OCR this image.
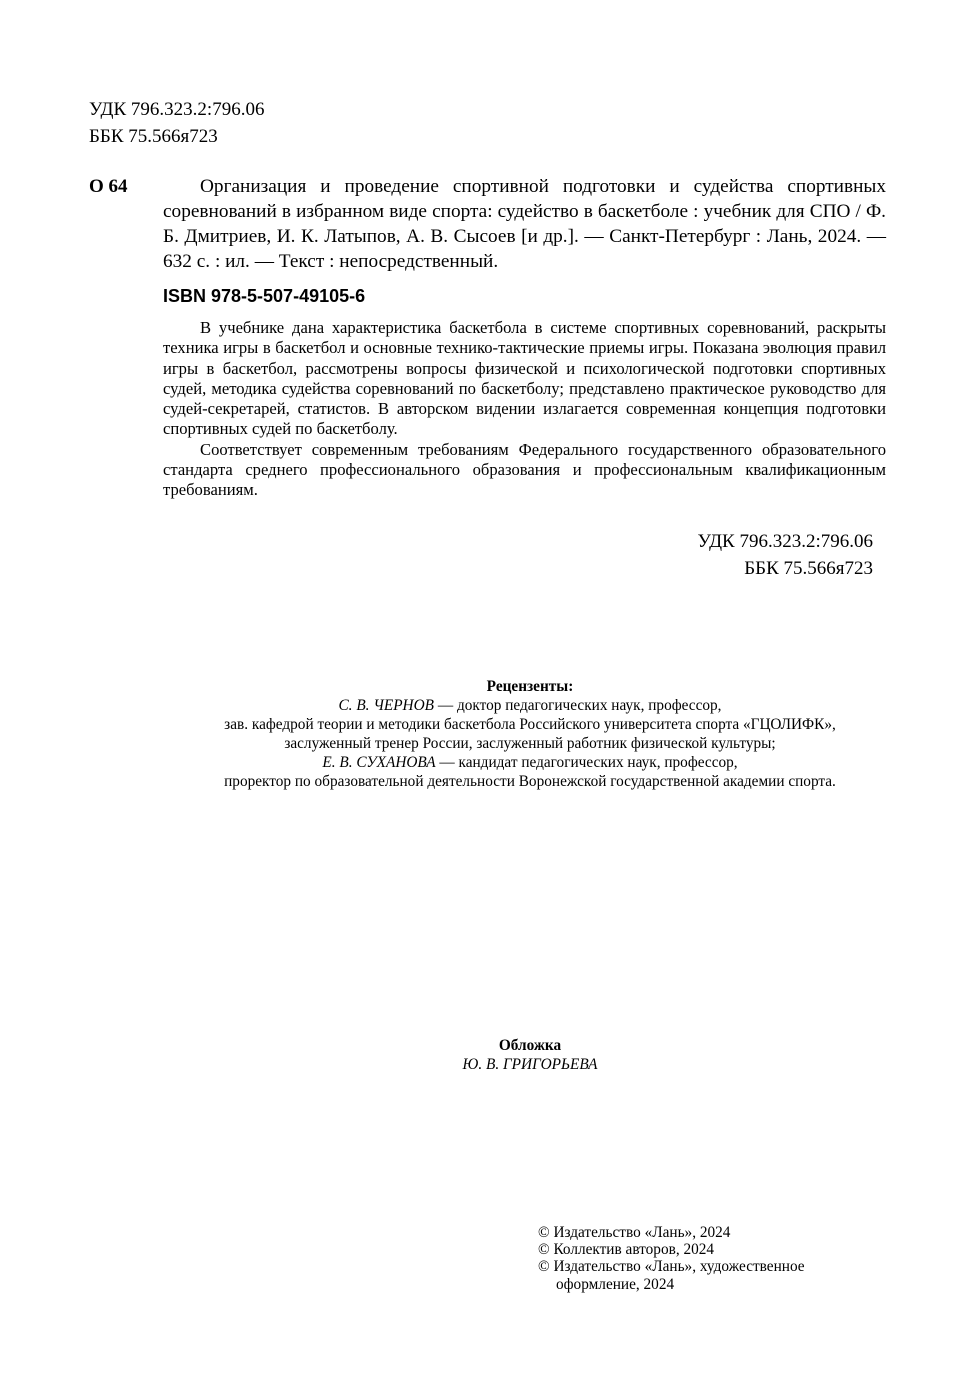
УДК 796.323.2:796.06
ББК 75.566я723
О 64	Организация и проведение спортивной подготовки и судейства спортивных соревнований в избранном виде спорта: судейство в баскетболе : учебник для СПО / Ф. Б. Дмитриев, И. К. Латыпов, А. В. Сысоев [и др.]. — Санкт-Петербург : Лань, 2024. — 632 с. : ил. — Текст : непосредственный.
ISBN 978-5-507-49105-6

В учебнике дана характеристика баскетбола в системе спортивных соревнований, раскрыты техника игры в баскетбол и основные технико-тактические приемы игры. Показана эволюция правил игры в баскетбол, рассмотрены вопросы физической и психологической подготовки спортивных судей, методика судейства соревнований по баскетболу; представлено практическое руководство для судей-секретарей, статистов. В авторском видении излагается современная концепция подготовки спортивных судей по баскетболу.

Соответствует современным требованиям Федерального государственного образовательного стандарта среднего профессионального образования и профессиональным квалификационным требованиям.

УДК 796.323.2:796.06
ББК 75.566я723
Рецензенты:
С. В. ЧЕРНОВ — доктор педагогических наук, профессор,
зав. кафедрой теории и методики баскетбола Российского университета спорта «ГЦОЛИФК»,
заслуженный тренер России, заслуженный работник физической культуры;
Е. В. СУХАНОВА — кандидат педагогических наук, профессор,
проректор по образовательной деятельности Воронежской государственной академии спорта.
Обложка
Ю. В. ГРИГОРЬЕВА
© Издательство «Лань», 2024
© Коллектив авторов, 2024
© Издательство «Лань», художественное
оформление, 2024
